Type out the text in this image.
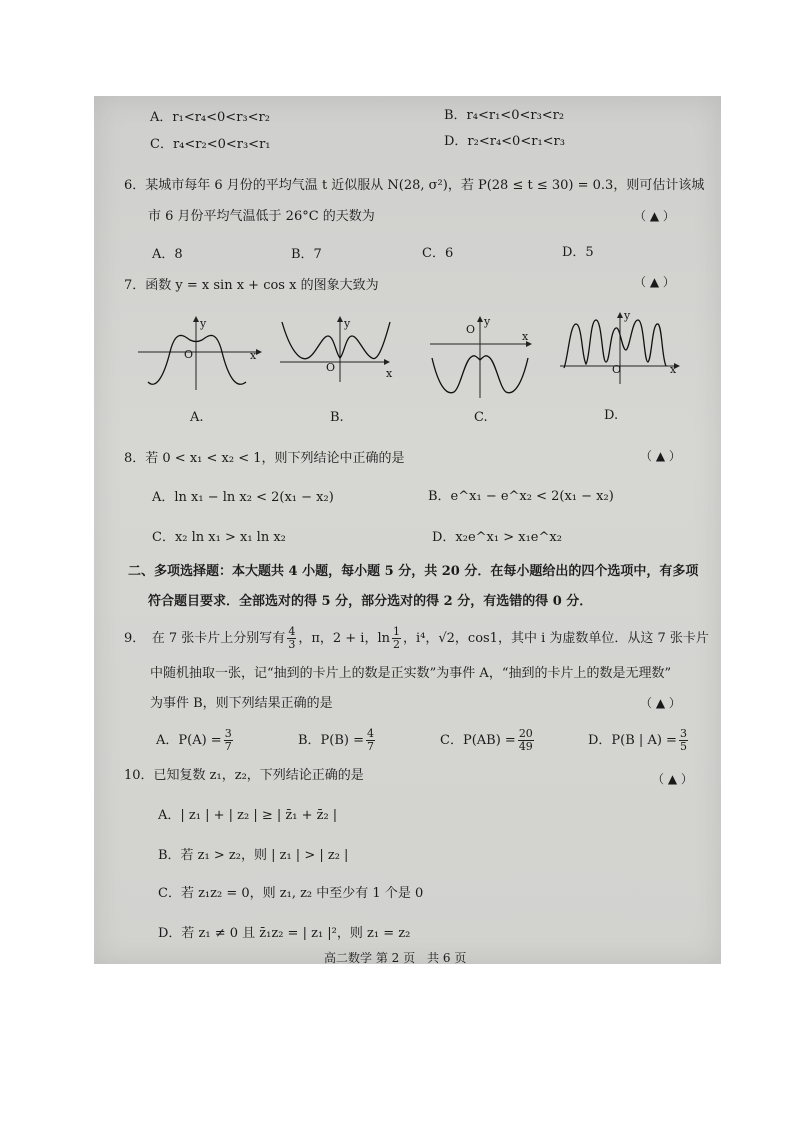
A．r₁<r₄<0<r₃<r₂	B．r₄<r₁<0<r₃<r₂
C．r₄<r₂<0<r₃<r₁	D．r₂<r₄<0<r₁<r₃
6．某城市每年 6 月份的平均气温 t 近似服从 N(28, σ²)，若 P(28 ≤ t ≤ 30) = 0.3，则可估计该城
市 6 月份平均气温低于 26°C 的天数为	（ ▲ ）
A．8	B．7	C．6	D．5
7．函数 y = x sin x + cos x 的图象大致为	（ ▲ ）
y
O	x
A.
y
O	x
B.
y
O
x
C.
y
O	x
D.
8．若 0 < x₁ < x₂ < 1，则下列结论中正确的是	（ ▲ ）
A．ln x₁ − ln x₂ < 2(x₁ − x₂)	B．e^x₁ − e^x₂ < 2(x₁ − x₂)
C．x₂ ln x₁ > x₁ ln x₂	D．x₂e^x₁ > x₁e^x₂
二、多项选择题：本大题共 4 小题，每小题 5 分，共 20 分．在每小题给出的四个选项中，有多项
符合题目要求．全部选对的得 5 分，部分选对的得 2 分，有选错的得 0 分．
9．　在 7 张卡片上分别写有 $\frac{4}{3}$ ，π，2 + i，$\ln \frac{1}{2}$ ，i⁴，√2，cos1，其中 i 为虚数单位．从这 7 张卡片
中随机抽取一张，记“抽到的卡片上的数是正实数”为事件 A，“抽到的卡片上的数是无理数”
为事件 B，则下列结果正确的是	（ ▲ ）
A．$P(A) = \frac{3}{7}$	B．$P(B) = \frac{4}{7}$	C．$P(AB) = \frac{20}{49}$	D．P(B | $A) = \frac{3}{5}$
10．已知复数 z₁，z₂，下列结论正确的是	（ ▲ ）
A．| z₁ | + | z₂ | ≥ | z̄₁ + z̄₂ |
B．若 z₁ > z₂，则 | z₁ | > | z₂ |
C．若 z₁z₂ = 0，则 z₁, z₂ 中至少有 1 个是 0
D．若 z₁ ≠ 0 且 z̄₁z₂ = | z₁ |²，则 z₁ = z₂
高二数学 第 2 页　共 6 页
